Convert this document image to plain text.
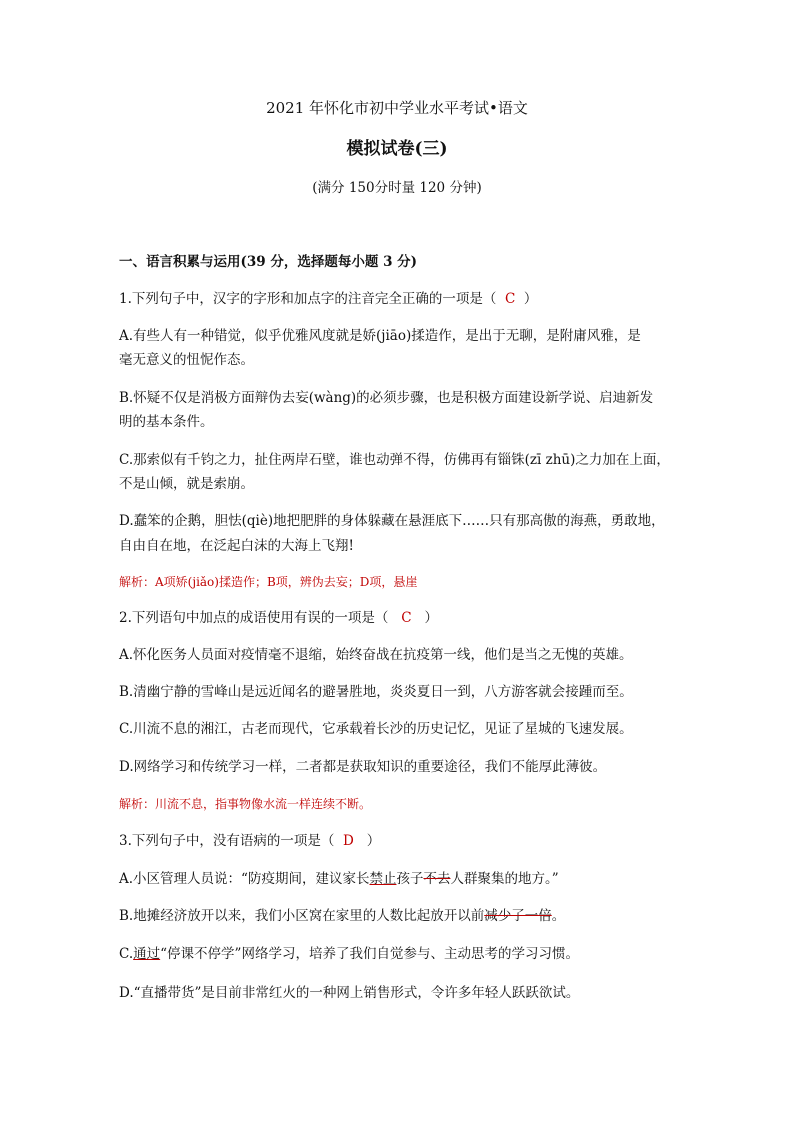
2021 年怀化市初中学业水平考试•语文
模拟试卷(三)
(满分 150分时量 120 分钟)
一、语言积累与运用(39 分，选择题每小题 3 分)
1.下列句子中，汉字的字形和加点字的注音完全正确的一项是（ C ）
A.有些人有一种错觉，似乎优雅风度就是娇(jiāo)揉造作，是出于无聊，是附庸风雅，是
毫无意义的忸怩作态。
B.怀疑不仅是消极方面辩伪去妄(wàng)的必须步骤，也是积极方面建设新学说、启迪新发
明的基本条件。
C.那索似有千钧之力，扯住两岸石壁，谁也动弹不得，仿佛再有锱铢(zī zhū)之力加在上面，
不是山倾，就是索崩。
D.蠢笨的企鹅，胆怯(qiè)地把肥胖的身体躲藏在悬涯底下……只有那高傲的海燕，勇敢地，
自由自在地，在泛起白沫的大海上飞翔!
解析：A项矫(jiǎo)揉造作；B项，辨伪去妄；D项，悬崖
2.下列语句中加点的成语使用有误的一项是（ C ）
A.怀化医务人员面对疫情毫不退缩，始终奋战在抗疫第一线，他们是当之无愧的英雄。
B.清幽宁静的雪峰山是远近闻名的避暑胜地，炎炎夏日一到，八方游客就会接踵而至。
C.川流不息的湘江，古老而现代，它承载着长沙的历史记忆，见证了星城的飞速发展。
D.网络学习和传统学习一样，二者都是获取知识的重要途径，我们不能厚此薄彼。
解析：川流不息，指事物像水流一样连续不断。
3.下列句子中，没有语病的一项是（ D ）
A.小区管理人员说：“防疫期间，建议家长禁止孩子不去人群聚集的地方。”
B.地摊经济放开以来，我们小区窝在家里的人数比起放开以前减少了一倍。
C.通过“停课不停学”网络学习，培养了我们自觉参与、主动思考的学习习惯。
D.“直播带货”是目前非常红火的一种网上销售形式，令许多年轻人跃跃欲试。
